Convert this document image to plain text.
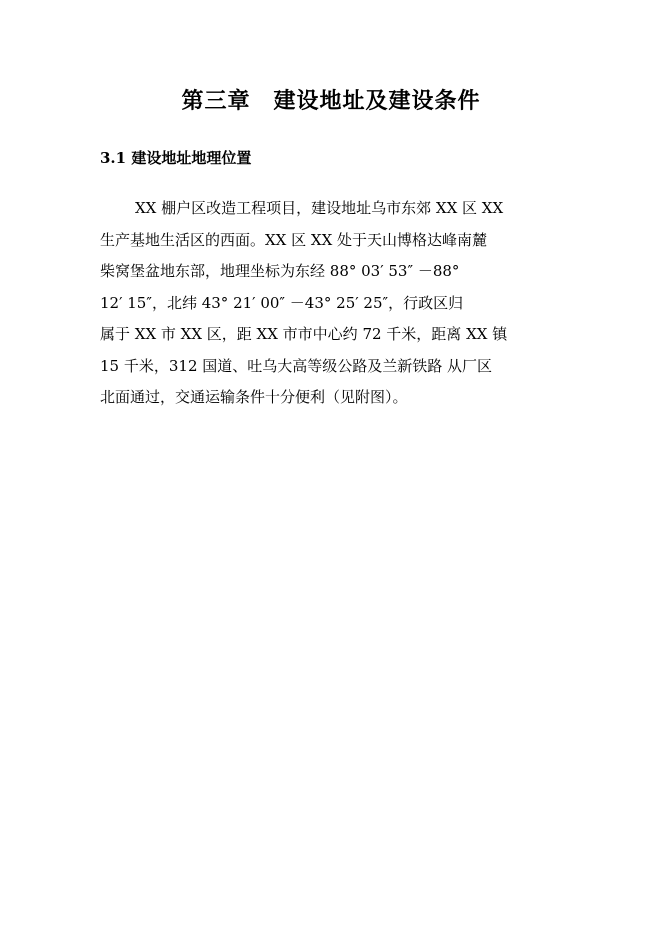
第三章　建设地址及建设条件
3.1 建设地址地理位置
XX 棚户区改造工程项目，建设地址乌市东郊 XX 区 XX
生产基地生活区的西面。XX 区 XX 处于天山博格达峰南麓
柴窝堡盆地东部，地理坐标为东经 88° 03′ 53″ －88°
12′ 15″，北纬 43° 21′ 00″ －43° 25′ 25″，行政区归
属于 XX 市 XX 区，距 XX 市市中心约 72 千米，距离 XX 镇
15 千米，312 国道、吐乌大高等级公路及兰新铁路 从厂区
北面通过，交通运输条件十分便利（见附图）。
